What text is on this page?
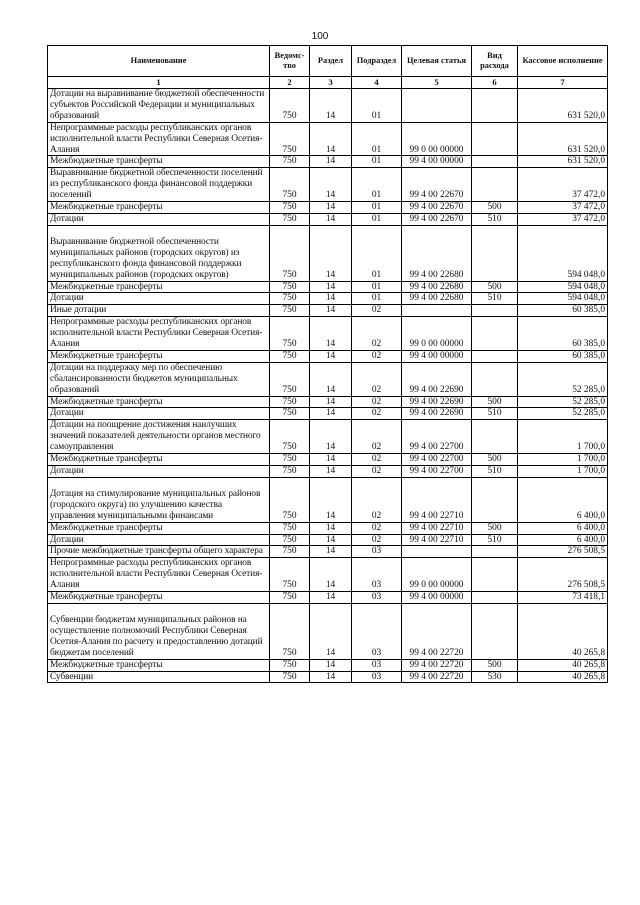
100
Наименование	Ведомс-тво	Раздел	Подраздел	Целевая статья	Вид расхода	Кассовое исполнение
1	2	3	4	5	6	7
Дотации на выравнивание бюджетной обеспеченности субъектов Российской Федерации и муниципальных образований	750	14	01			631 520,0
Непрограммные расходы республиканских органов исполнительной власти Республики Северная Осетия-Алания	750	14	01	99 0 00 00000		631 520,0
Межбюджетные трансферты	750	14	01	99 4 00 00000		631 520,0
Выравнивание бюджетной обеспеченности поселений из республиканского фонда финансовой поддержки поселений	750	14	01	99 4 00 22670		37 472,0
Межбюджетные трансферты	750	14	01	99 4 00 22670	500	37 472,0
Дотации	750	14	01	99 4 00 22670	510	37 472,0

Выравнивание бюджетной обеспеченности муниципальных районов (городских округов) из республиканского фонда финансовой поддержки муниципальных районов (городских округов)	750	14	01	99 4 00 22680		594 048,0
Межбюджетные трансферты	750	14	01	99 4 00 22680	500	594 048,0
Дотации	750	14	01	99 4 00 22680	510	594 048,0
Иные дотации	750	14	02			60 385,0
Непрограммные расходы республиканских органов исполнительной власти Республики Северная Осетия-Алания	750	14	02	99 0 00 00000		60 385,0
Межбюджетные трансферты	750	14	02	99 4 00 00000		60 385,0
Дотации на поддержку мер по обеспечению сбалансированности бюджетов муниципальных образований	750	14	02	99 4 00 22690		52 285,0
Межбюджетные трансферты	750	14	02	99 4 00 22690	500	52 285,0
Дотации	750	14	02	99 4 00 22690	510	52 285,0
Дотации на поощрение достижения наилучших значений показателей деятельности органов местного самоуправления	750	14	02	99 4 00 22700		1 700,0
Межбюджетные трансферты	750	14	02	99 4 00 22700	500	1 700,0
Дотации	750	14	02	99 4 00 22700	510	1 700,0

Дотация на стимулирование муниципальных районов (городского округа) по улучшению качества управления муниципальными финансами	750	14	02	99 4 00 22710		6 400,0
Межбюджетные трансферты	750	14	02	99 4 00 22710	500	6 400,0
Дотации	750	14	02	99 4 00 22710	510	6 400,0
Прочие межбюджетные трансферты общего характера	750	14	03			276 508,5
Непрограммные расходы республиканских органов исполнительной власти Республики Северная Осетия-Алания	750	14	03	99 0 00 00000		276 508,5
Межбюджетные трансферты	750	14	03	99 4 00 00000		73 418,1

Субвенции бюджетам муниципальных районов на осуществление полномочий Республики Северная Осетия-Алания по расчету и предоставлению дотаций бюджетам поселений	750	14	03	99 4 00 22720		40 265,8
Межбюджетные трансферты	750	14	03	99 4 00 22720	500	40 265,8
Субвенции	750	14	03	99 4 00 22720	530	40 265,8
